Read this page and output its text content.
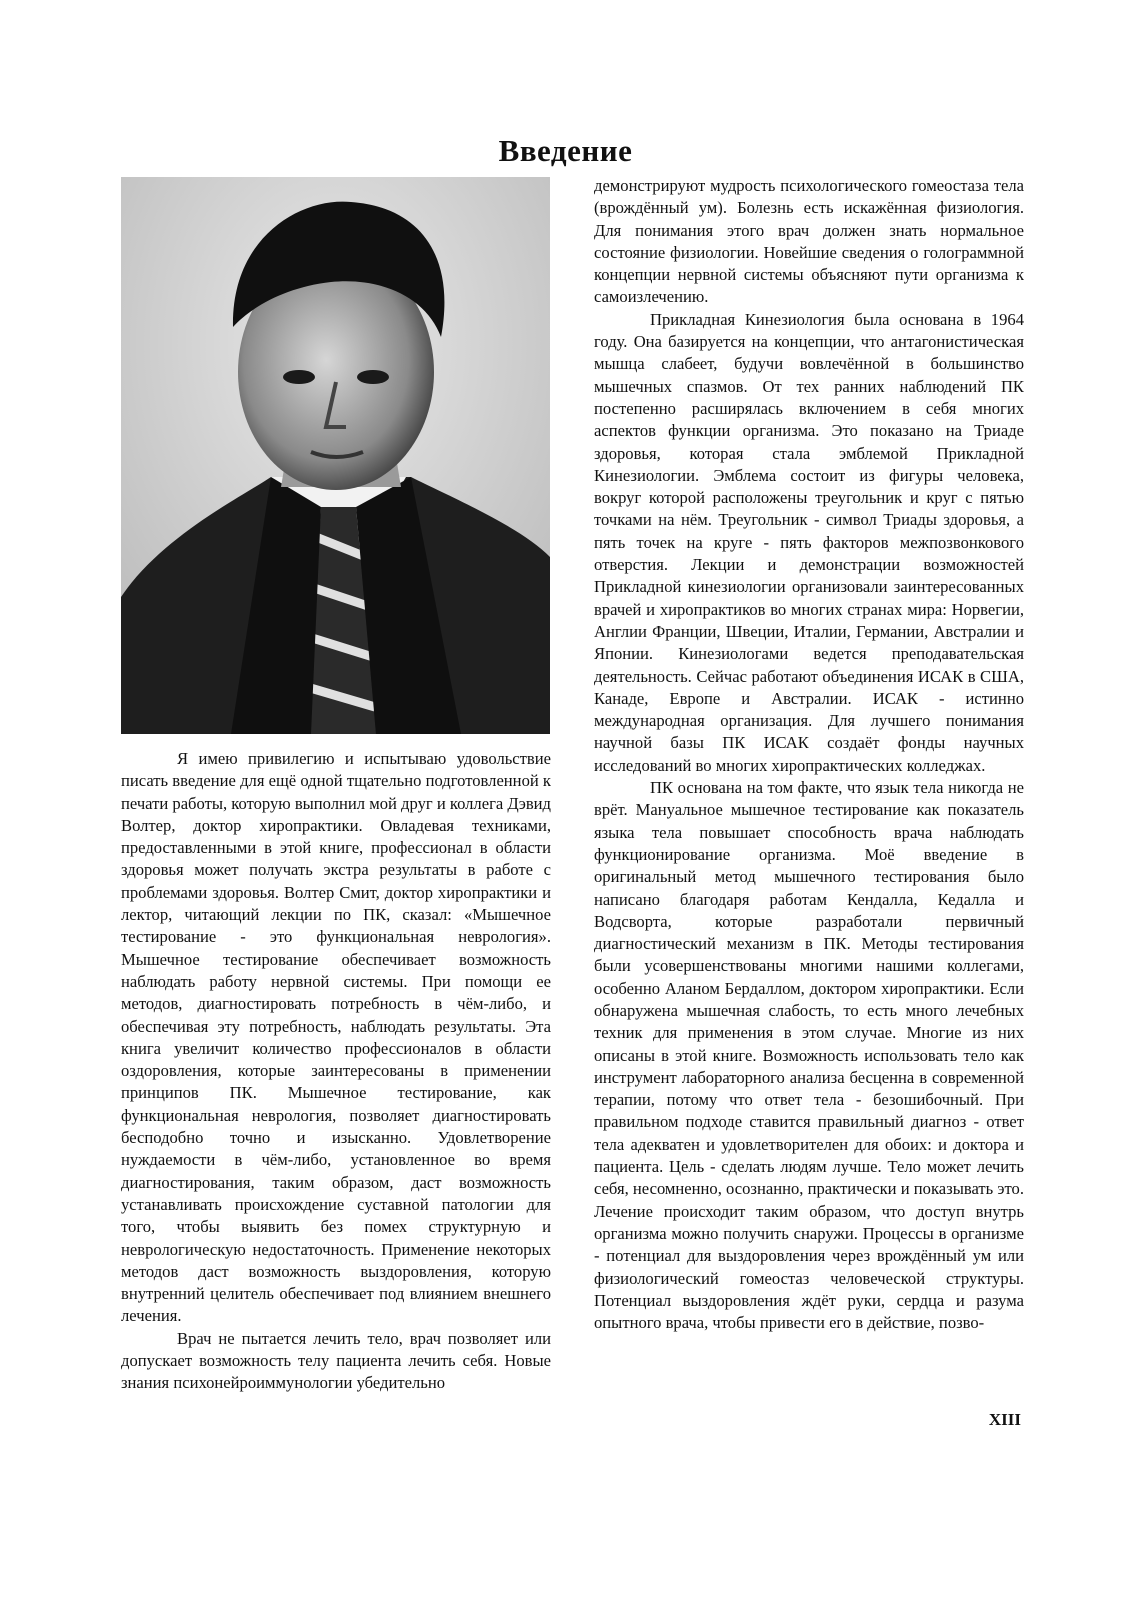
Введение

Я имею привилегию и испытываю удовольствие писать введение для ещё одной тщательно подготовленной к печати работы, которую выполнил мой друг и коллега Дэвид Волтер, доктор хиропрактики. Овладевая техниками, предоставленными в этой книге, профессионал в области здоровья может получать экстра результаты в работе с проблемами здоровья. Волтер Смит, доктор хиропрактики и лектор, читающий лекции по ПК, сказал: «Мышечное тестирование - это функциональная неврология». Мышечное тестирование обеспечивает возможность наблюдать работу нервной системы. При помощи ее методов, диагностировать потребность в чём-либо, и обеспечивая эту потребность, наблюдать результаты. Эта книга увеличит количество профессионалов в области оздоровления, которые заинтересованы в применении принципов ПК. Мышечное тестирование, как функциональная неврология, позволяет диагностировать бесподобно точно и изысканно. Удовлетворение нуждаемости в чём-либо, установленное во время диагностирования, таким образом, даст возможность устанавливать происхождение суставной патологии для того, чтобы выявить без помех структурную и неврологическую недостаточность. Применение некоторых методов даст возможность выздоровления, которую внутренний целитель обеспечивает под влиянием внешнего лечения.

Врач не пытается лечить тело, врач позволяет или допускает возможность телу пациента лечить себя. Новые знания психонейроиммунологии убедительно

демонстрируют мудрость психологического гомеостаза тела (врождённый ум). Болезнь есть искажённая физиология. Для понимания этого врач должен знать нормальное состояние физиологии. Новейшие сведения о голограммной концепции нервной системы объясняют пути организма к самоизлечению.

Прикладная Кинезиология была основана в 1964 году. Она базируется на концепции, что антагонистическая мышца слабеет, будучи вовлечённой в большинство мышечных спазмов. От тех ранних наблюдений ПК постепенно расширялась включением в себя многих аспектов функции организма. Это показано на Триаде здоровья, которая стала эмблемой Прикладной Кинезиологии. Эмблема состоит из фигуры человека, вокруг которой расположены треугольник и круг с пятью точками на нём. Треугольник - символ Триады здоровья, а пять точек на круге - пять факторов межпозвонкового отверстия. Лекции и демонстрации возможностей Прикладной кинезиологии организовали заинтересованных врачей и хиропрактиков во многих странах мира: Норвегии, Англии Франции, Швеции, Италии, Германии, Австралии и Японии. Кинезиологами ведется преподавательская деятельность. Сейчас работают объединения ИСАК в США, Канаде, Европе и Австралии. ИСАК - истинно международная организация. Для лучшего понимания научной базы ПК ИСАК создаёт фонды научных исследований во многих хиропрактических колледжах.

ПК основана на том факте, что язык тела никогда не врёт. Мануальное мышечное тестирование как показатель языка тела повышает способность врача наблюдать функционирование организма. Моё введение в оригинальный метод мышечного тестирования было написано благодаря работам Кендалла, Кедалла и Водсворта, которые разработали первичный диагностический механизм в ПК. Методы тестирования были усовершенствованы многими нашими коллегами, особенно Аланом Бердаллом, доктором хиропрактики. Если обнаружена мышечная слабость, то есть много лечебных техник для применения в этом случае. Многие из них описаны в этой книге. Возможность использовать тело как инструмент лабораторного анализа бесценна в современной терапии, потому что ответ тела - безошибочный. При правильном подходе ставится правильный диагноз - ответ тела адекватен и удовлетворителен для обоих: и доктора и пациента. Цель - сделать людям лучше. Тело может лечить себя, несомненно, осознанно, практически и показывать это. Лечение происходит таким образом, что доступ внутрь организма можно получить снаружи. Процессы в организме - потенциал для выздоровления через врождённый ум или физиологический гомеостаз человеческой структуры. Потенциал выздоровления ждёт руки, сердца и разума опытного врача, чтобы привести его в действие, позво-

XIII
